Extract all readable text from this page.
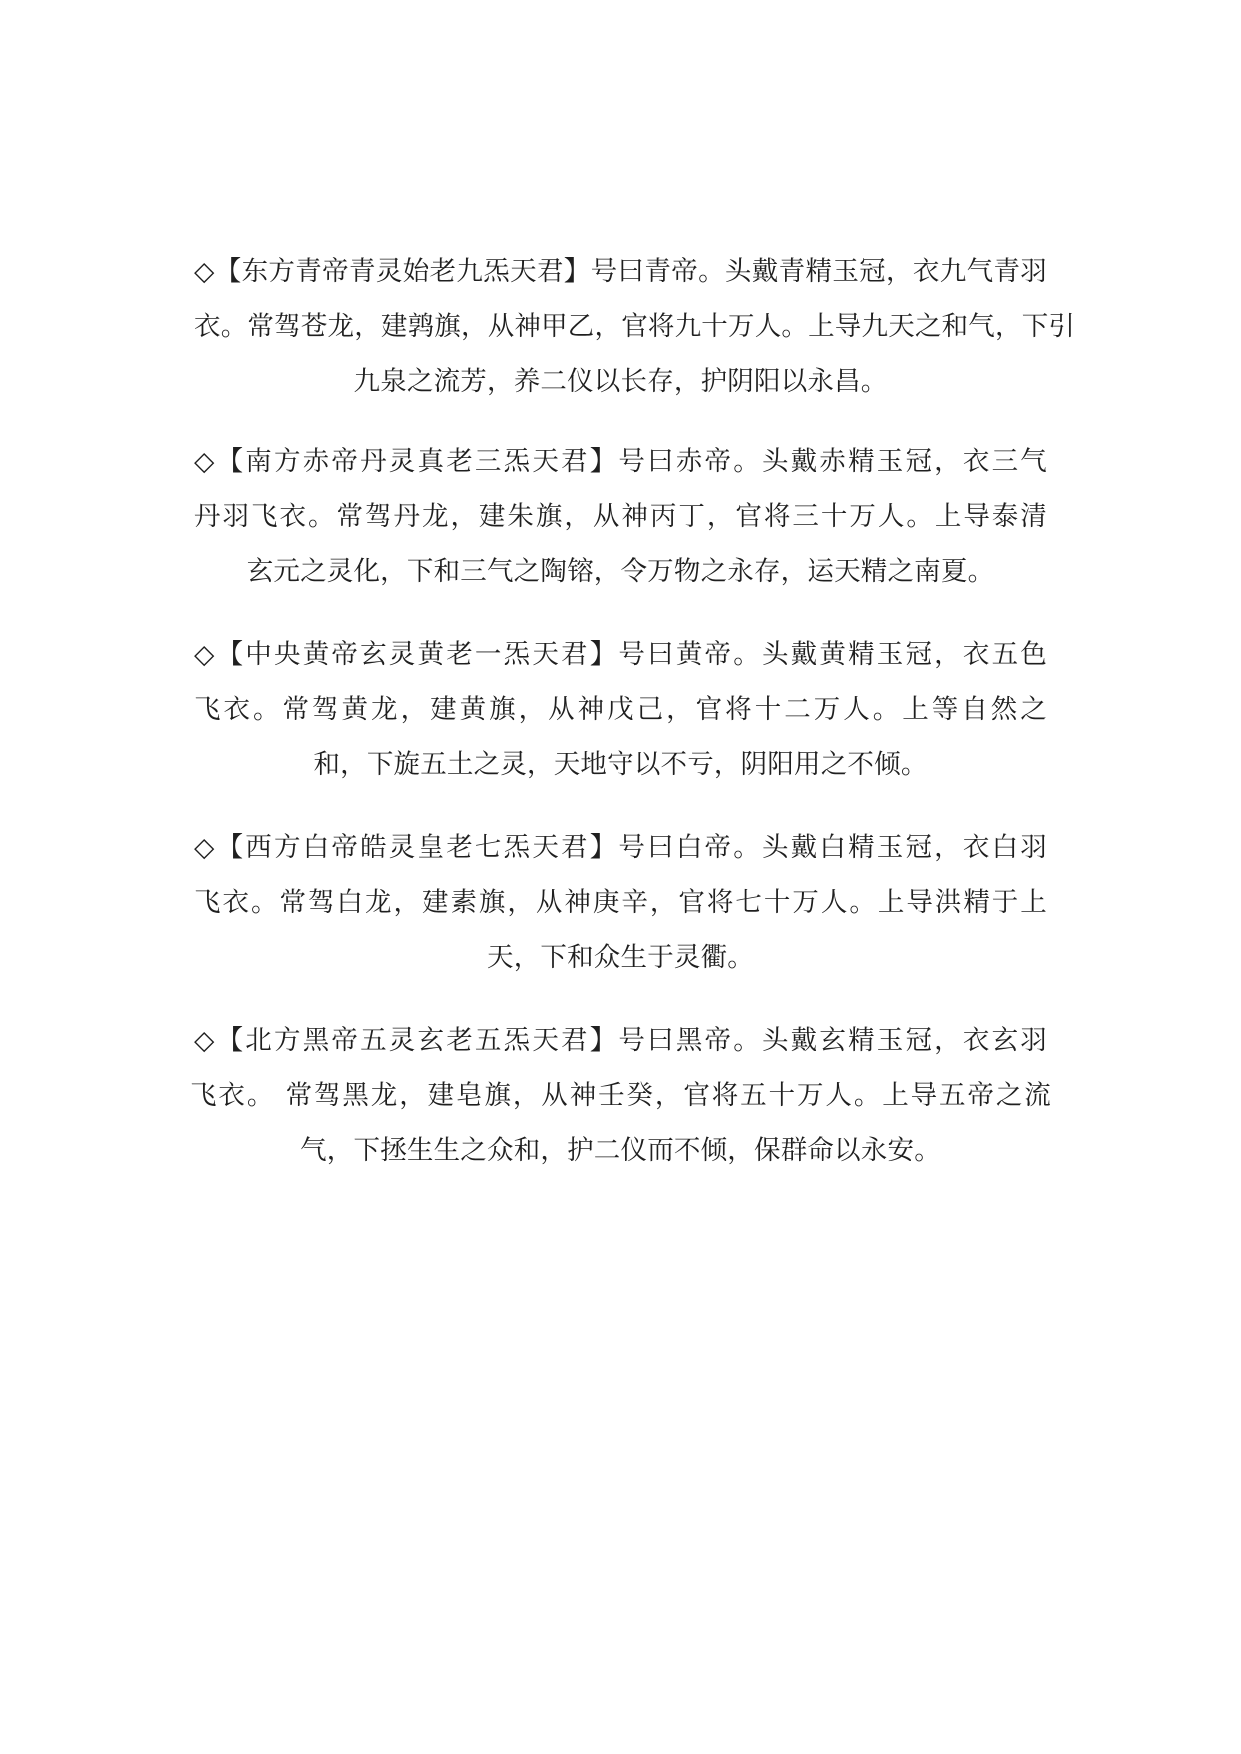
◇【东方青帝青灵始老九炁天君】号曰青帝。头戴青精玉冠，衣九气青羽
衣。常驾苍龙，建鹑旗，从神甲乙，官将九十万人。上导九天之和气，下引
九泉之流芳，养二仪以长存，护阴阳以永昌。
◇【南方赤帝丹灵真老三炁天君】号曰赤帝。头戴赤精玉冠，衣三气
丹羽飞衣。常驾丹龙，建朱旗，从神丙丁，官将三十万人。上导泰清
玄元之灵化，下和三气之陶镕，令万物之永存，运天精之南夏。
◇【中央黄帝玄灵黄老一炁天君】号曰黄帝。头戴黄精玉冠，衣五色
飞衣。常驾黄龙，建黄旗，从神戊己，官将十二万人。上等自然之
和，下旋五土之灵，天地守以不亏，阴阳用之不倾。
◇【西方白帝皓灵皇老七炁天君】号曰白帝。头戴白精玉冠，衣白羽
飞衣。常驾白龙，建素旗，从神庚辛，官将七十万人。上导洪精于上
天，下和众生于灵衢。
◇【北方黑帝五灵玄老五炁天君】号曰黑帝。头戴玄精玉冠，衣玄羽
飞衣。 常驾黑龙，建皂旗，从神壬癸，官将五十万人。上导五帝之流
气，下拯生生之众和，护二仪而不倾，保群命以永安。
